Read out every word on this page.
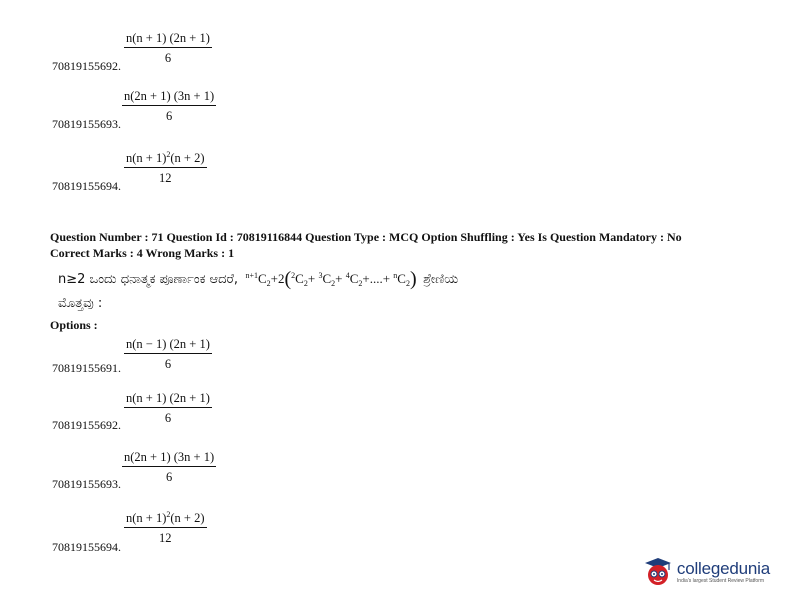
$\frac{n(n + 1) (2n + 1)}{6}$
70819155692.
$\frac{n(2n + 1) (3n + 1)}{6}$
70819155693.
$\frac{n(n + 1)^2(n + 2)}{12}$
70819155694.
Question Number : 71 Question Id : 70819116844 Question Type : MCQ Option Shuffling : Yes Is Question Mandatory : No
Correct Marks : 4 Wrong Marks : 1
n≥2 ಒಂದು ಧನಾತ್ಮಕ ಪೂರ್ಣಾಂಕ ಆದರೆ, $^{n+1}C_2+2(^2C_2+ ^3C_2+ ^4C_2+....+ ^nC_2)$ ಶ್ರೇಣಿಯ
ಮೊತ್ತವು :
Options :
$\frac{n(n - 1) (2n + 1)}{6}$
70819155691.
$\frac{n(n + 1) (2n + 1)}{6}$
70819155692.
$\frac{n(2n + 1) (3n + 1)}{6}$
70819155693.
$\frac{n(n + 1)^2(n + 2)}{12}$
70819155694.
collegedunia
India's largest Student Review Platform
